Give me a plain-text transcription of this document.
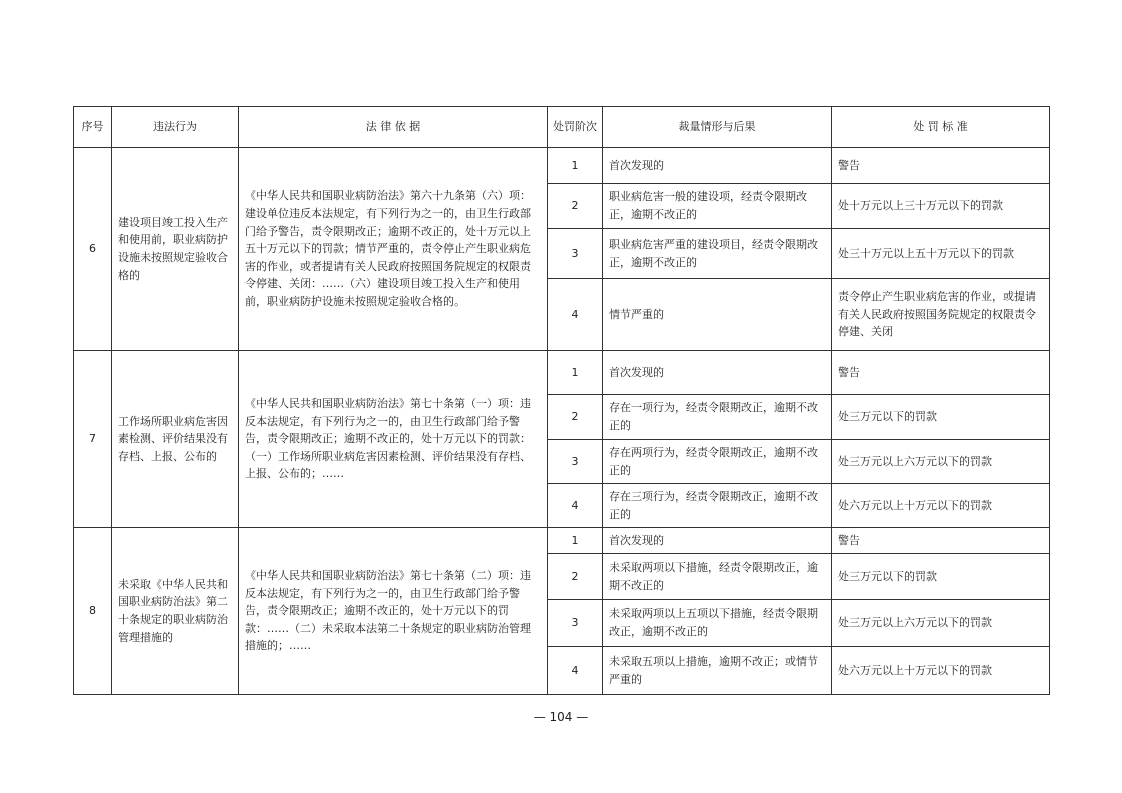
序号	违法行为	法 律 依 据	处罚阶次	裁量情形与后果	处 罚 标 准
6	建设项目竣工投入生产和使用前，职业病防护设施未按照规定验收合格的	《中华人民共和国职业病防治法》第六十九条第（六）项：建设单位违反本法规定，有下列行为之一的，由卫生行政部门给予警告，责令限期改正；逾期不改正的，处十万元以上五十万元以下的罚款；情节严重的，责令停止产生职业病危害的作业，或者提请有关人民政府按照国务院规定的权限责令停建、关闭：……（六）建设项目竣工投入生产和使用前，职业病防护设施未按照规定验收合格的。	1	首次发现的	警告
			2	职业病危害一般的建设项，经责令限期改正，逾期不改正的	处十万元以上三十万元以下的罚款
			3	职业病危害严重的建设项目，经责令限期改正，逾期不改正的	处三十万元以上五十万元以下的罚款
			4	情节严重的	责令停止产生职业病危害的作业，或提请有关人民政府按照国务院规定的权限责令停建、关闭
7	工作场所职业病危害因素检测、评价结果没有存档、上报、公布的	《中华人民共和国职业病防治法》第七十条第（一）项：违反本法规定，有下列行为之一的，由卫生行政部门给予警告，责令限期改正；逾期不改正的，处十万元以下的罚款：（一）工作场所职业病危害因素检测、评价结果没有存档、上报、公布的；……	1	首次发现的	警告
			2	存在一项行为，经责令限期改正，逾期不改正的	处三万元以下的罚款
			3	存在两项行为，经责令限期改正，逾期不改正的	处三万元以上六万元以下的罚款
			4	存在三项行为，经责令限期改正，逾期不改正的	处六万元以上十万元以下的罚款
8	未采取《中华人民共和国职业病防治法》第二十条规定的职业病防治管理措施的	《中华人民共和国职业病防治法》第七十条第（二）项：违反本法规定，有下列行为之一的，由卫生行政部门给予警告，责令限期改正；逾期不改正的，处十万元以下的罚款：……（二）未采取本法第二十条规定的职业病防治管理措施的；……	1	首次发现的	警告
			2	未采取两项以下措施，经责令限期改正，逾期不改正的	处三万元以下的罚款
			3	未采取两项以上五项以下措施，经责令限期改正，逾期不改正的	处三万元以上六万元以下的罚款
			4	未采取五项以上措施，逾期不改正；或情节严重的	处六万元以上十万元以下的罚款
— 104 —
